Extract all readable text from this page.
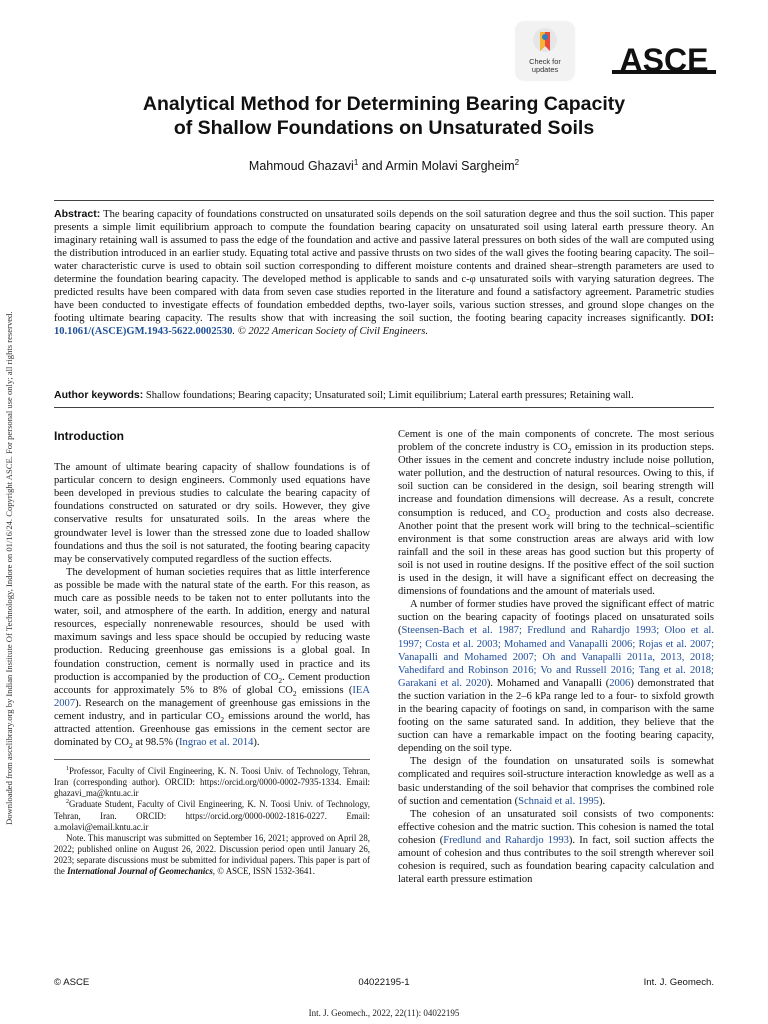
Downloaded from ascelibrary.org by Indian Institute Of Technology, Indore on 01/16/24. Copyright ASCE. For personal use only; all rights reserved.
Check for
updates	ASCE
Analytical Method for Determining Bearing Capacity
of Shallow Foundations on Unsaturated Soils
Mahmoud Ghazavi$^1$ and Armin Molavi Sargheim$^2$
Abstract: The bearing capacity of foundations constructed on unsaturated soils depends on the soil saturation degree and thus the soil suction. This paper presents a simple limit equilibrium approach to compute the foundation bearing capacity on unsaturated soil using lateral earth pressure theory. An imaginary retaining wall is assumed to pass the edge of the foundation and active and passive lateral pressures on both sides of the wall are computed using the distribution introduced in an earlier study. Equating total active and passive thrusts on two sides of the wall gives the footing bearing capacity. The soil–water characteristic curve is used to obtain soil suction corresponding to different moisture contents and drained shear–strength parameters are used to determine the foundation bearing capacity. The developed method is applicable to sands and c-φ unsaturated soils with varying saturation degrees. The predicted results have been compared with data from seven case studies reported in the literature and found a satisfactory agreement. Parametric studies have been conducted to investigate effects of foundation embedded depths, two-layer soils, various suction stresses, and ground slope changes on the footing ultimate bearing capacity. The results show that with increasing the soil suction, the footing bearing capacity increases significantly. DOI: 10.1061/(ASCE)GM.1943-5622.0002530. © 2022 American Society of Civil Engineers.
Author keywords: Shallow foundations; Bearing capacity; Unsaturated soil; Limit equilibrium; Lateral earth pressures; Retaining wall.
Introduction

The amount of ultimate bearing capacity of shallow foundations is of particular concern to design engineers. Commonly used equations have been developed in previous studies to calculate the bearing capacity of foundations constructed on saturated or dry soils. However, they give conservative results for unsaturated soils. In the areas where the groundwater level is lower than the stressed zone due to loaded shallow foundations and thus the soil is not saturated, the footing bearing capacity may be conservatively computed regardless of the suction effects.

The development of human societies requires that as little interference as possible be made with the natural state of the earth. For this reason, as much care as possible needs to be taken not to enter pollutants into the water, soil, and atmosphere of the earth. In addition, energy and natural resources, especially nonrenewable resources, should be used with maximum savings and less space should be occupied by reducing waste production. Reducing greenhouse gas emissions is a global goal. In foundation construction, cement is normally used in practice and its production is accompanied by the production of $CO_2$. Cement production accounts for approximately 5% to 8% of global $CO_2$ emissions (IEA 2007). Research on the management of greenhouse gas emissions in the cement industry, and in particular $CO_2$ emissions around the world, has attracted attention. Greenhouse gas emissions in the cement sector are dominated by $CO_2$ at 98.5% (Ingrao et al. 2014).

$^1$Professor, Faculty of Civil Engineering, K. N. Toosi Univ. of Technology, Tehran, Iran (corresponding author). ORCID: https://orcid.org/0000-0002-7935-1334. Email: ghazavi_ma@kntu.ac.ir

$^2$Graduate Student, Faculty of Civil Engineering, K. N. Toosi Univ. of Technology, Tehran, Iran. ORCID: https://orcid.org/0000-0002-1816-0227. Email: a.molavi@email.kntu.ac.ir

Note. This manuscript was submitted on September 16, 2021; approved on April 28, 2022; published online on August 26, 2022. Discussion period open until January 26, 2023; separate discussions must be submitted for individual papers. This paper is part of the International Journal of Geomechanics, © ASCE, ISSN 1532-3641.

Cement is one of the main components of concrete. The most serious problem of the concrete industry is $CO_2$ emission in its production steps. Other issues in the cement and concrete industry include noise pollution, water pollution, and the destruction of natural resources. Owing to this, if soil suction can be considered in the design, soil bearing strength will increase and foundation dimensions will decrease. As a result, concrete consumption is reduced, and $CO_2$ production and costs also decrease. Another point that the present work will bring to the technical–scientific environment is that some construction areas are always arid with low rainfall and the soil in these areas has good suction but this property of soil is not used in routine designs. If the positive effect of the soil suction is used in the design, it will have a significant effect on decreasing the dimensions of foundations and the amount of materials used.

A number of former studies have proved the significant effect of matric suction on the bearing capacity of footings placed on unsaturated soils (Steensen-Bach et al. 1987; Fredlund and Rahardjo 1993; Oloo et al. 1997; Costa et al. 2003; Mohamed and Vanapalli 2006; Rojas et al. 2007; Vanapalli and Mohamed 2007; Oh and Vanapalli 2011a, 2013, 2018; Vahedifard and Robinson 2016; Vo and Russell 2016; Tang et al. 2018; Garakani et al. 2020). Mohamed and Vanapalli (2006) demonstrated that the suction variation in the 2–6 kPa range led to a four- to sixfold growth in the bearing capacity of footings on sand, in comparison with the same footing on the same saturated sand. In addition, they believe that the suction can have a remarkable impact on the footing bearing capacity, depending on the soil type.

The design of the foundation on unsaturated soils is somewhat complicated and requires soil-structure interaction knowledge as well as a basic understanding of the soil behavior that comprises the combined role of suction and cementation (Schnaid et al. 1995).

The cohesion of an unsaturated soil consists of two components: effective cohesion and the matric suction. This cohesion is named the total cohesion (Fredlund and Rahardjo 1993). In fact, soil suction affects the amount of cohesion and thus contributes to the soil strength wherever soil cohesion is required, such as foundation bearing capacity calculation and lateral earth pressure estimation

© ASCE	04022195-1	Int. J. Geomech.
Int. J. Geomech., 2022, 22(11): 04022195
